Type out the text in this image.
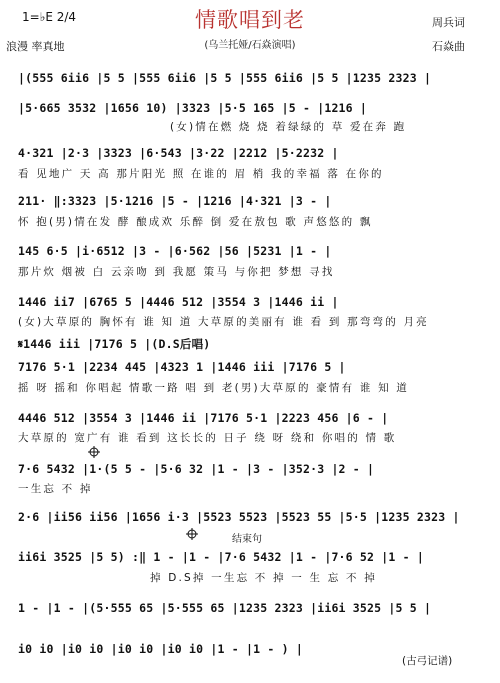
1=♭E 2/4	情歌唱到老
(乌兰托娅/石焱演唱)
浪漫 率真地
周兵词
石焱曲
|(555 6ii6 |5 5 |555 6ii6 |5 5 |555 6ii6 |5 5 |1235 2323 |
|5·665 3532 |1656 10) |3323 |5·5 165 |5 - |1216 |
(女)情在燃 烧 烧 着绿绿的 草 爱在奔 跑
4·321 |2·3 |3323 |6·543 |3·22 |2212 |5·2232 |
看 见地广 天 高 那片阳光 照 在谁的 眉 梢 我的幸福 落 在你的
211· ‖:3323 |5·1216 |5 - |1216 |4·321 |3 - |
怀 抱(男)情在发 酵 酿成欢 乐醉 倒 爱在敖包 歌 声悠悠的 飘
145 6·5 |i·6512 |3 - |6·562 |56 |5231 |1 - |
那片炊 烟被 白 云亲吻 到 我愿 策马 与你把 梦想 寻找
1446 ii7 |6765 5 |4446 512 |3554 3 |1446 ii |
(女)大草原的 胸怀有 谁 知 道 大草原的美丽有 谁 看 到 那弯弯的 月亮
𝄋1446 iii |7176 5 |(D.S后唱)
7176 5·1 |2234 445 |4323 1 |1446 iii |7176 5 |
摇 呀 摇和 你唱起 情歌一路 唱 到 老(男)大草原的 豪情有 谁 知 道
4446 512 |3554 3 |1446 ii |7176 5·1 |2223 456 |6 - |
大草原的 宽广有 谁 看到 这长长的 日子 绕 呀 绕和 你唱的 情 歌
7·6 5432 |1·(5 5 - |5·6 32 |1 - |3 - |352·3 |2 - |
一生忘 不 掉
2·6 |ii56 ii56 |1656 i·3 |5523 5523 |5523 55 |5·5 |1235 2323 |
结束句
ii6i 3525 |5 5) :‖ 1 - |1 - |7·6 5432 |1 - |7·6 52 |1 - |
掉 D.S掉 一生忘 不 掉 一 生 忘 不 掉
1 - |1 - |(5·555 65 |5·555 65 |1235 2323 |ii6i 3525 |5 5 |
i0 i0 |i0 i0 |i0 i0 |i0 i0 |1 - |1 - ) |
(古弓记谱)
